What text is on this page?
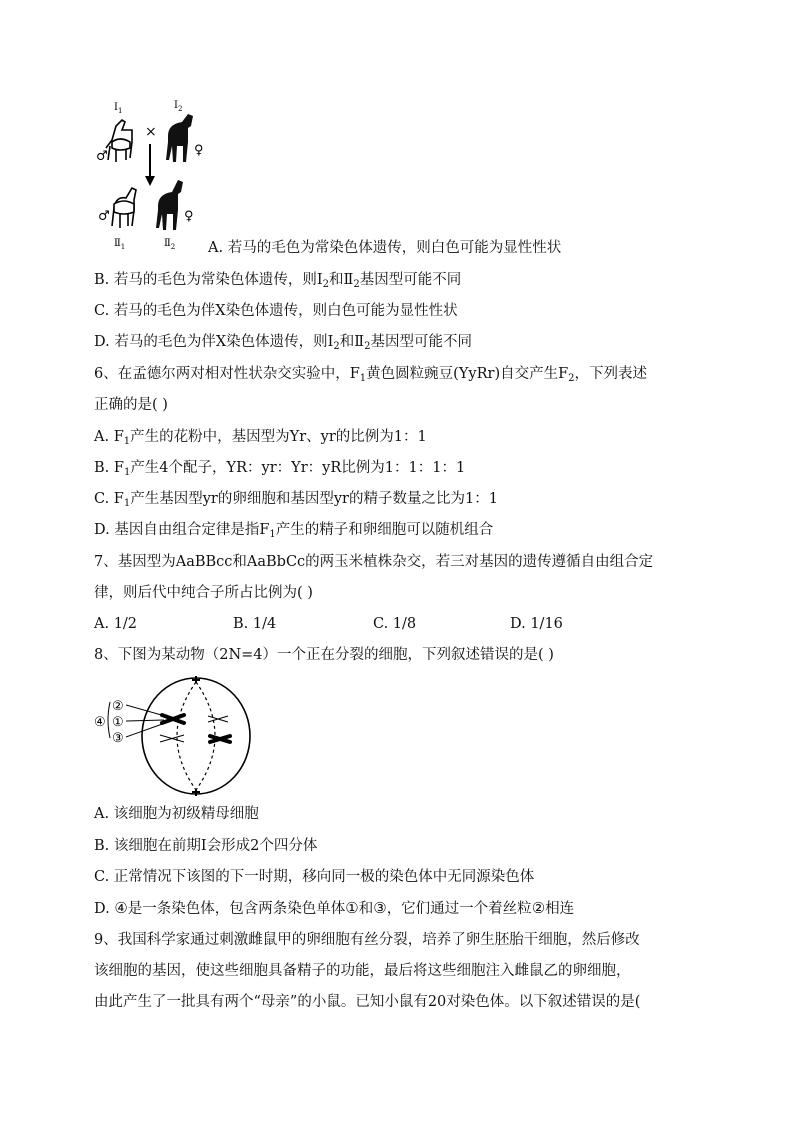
$Ⅰ_1$	$Ⅰ_2$
×
♀
♂
♂	♀
$Ⅱ_1$	$Ⅱ_2$ A. 若马的毛色为常染色体遗传，则白色可能为显性性状
B. 若马的毛色为常染色体遗传，则$Ⅰ_2$和$Ⅱ_2$基因型可能不同
C. 若马的毛色为伴X染色体遗传，则白色可能为显性性状
D. 若马的毛色为伴X染色体遗传，则$Ⅰ_2$和$Ⅱ_2$基因型可能不同
6、在孟德尔两对相对性状杂交实验中，$F_1$黄色圆粒豌豆(YyRr)自交产生$F_2$，下列表述
正确的是( )
A. $F_1$产生的花粉中，基因型为Yr、yr的比例为1：1
B. $F_1$产生4个配子，YR：yr：Yr：yR比例为1：1：1：1
C. $F_1$产生基因型yr的卵细胞和基因型yr的精子数量之比为1：1
D. 基因自由组合定律是指$F_1$产生的精子和卵细胞可以随机组合
7、基因型为AaBBcc和AaBbCc的两玉米植株杂交，若三对基因的遗传遵循自由组合定
律，则后代中纯合子所占比例为( )
A. 1/2	B. 1/4	C. 1/8	D. 1/16
8、下图为某动物（2N=4）一个正在分裂的细胞，下列叙述错误的是( )
②
①
③
④
A. 该细胞为初级精母细胞
B. 该细胞在前期Ⅰ会形成2个四分体
C. 正常情况下该图的下一时期，移向同一极的染色体中无同源染色体
D. ④是一条染色体，包含两条染色单体①和③，它们通过一个着丝粒②相连
9、我国科学家通过刺激雌鼠甲的卵细胞有丝分裂，培养了卵生胚胎干细胞，然后修改
该细胞的基因，使这些细胞具备精子的功能，最后将这些细胞注入雌鼠乙的卵细胞，
由此产生了一批具有两个“母亲”的小鼠。已知小鼠有20对染色体。以下叙述错误的是(
